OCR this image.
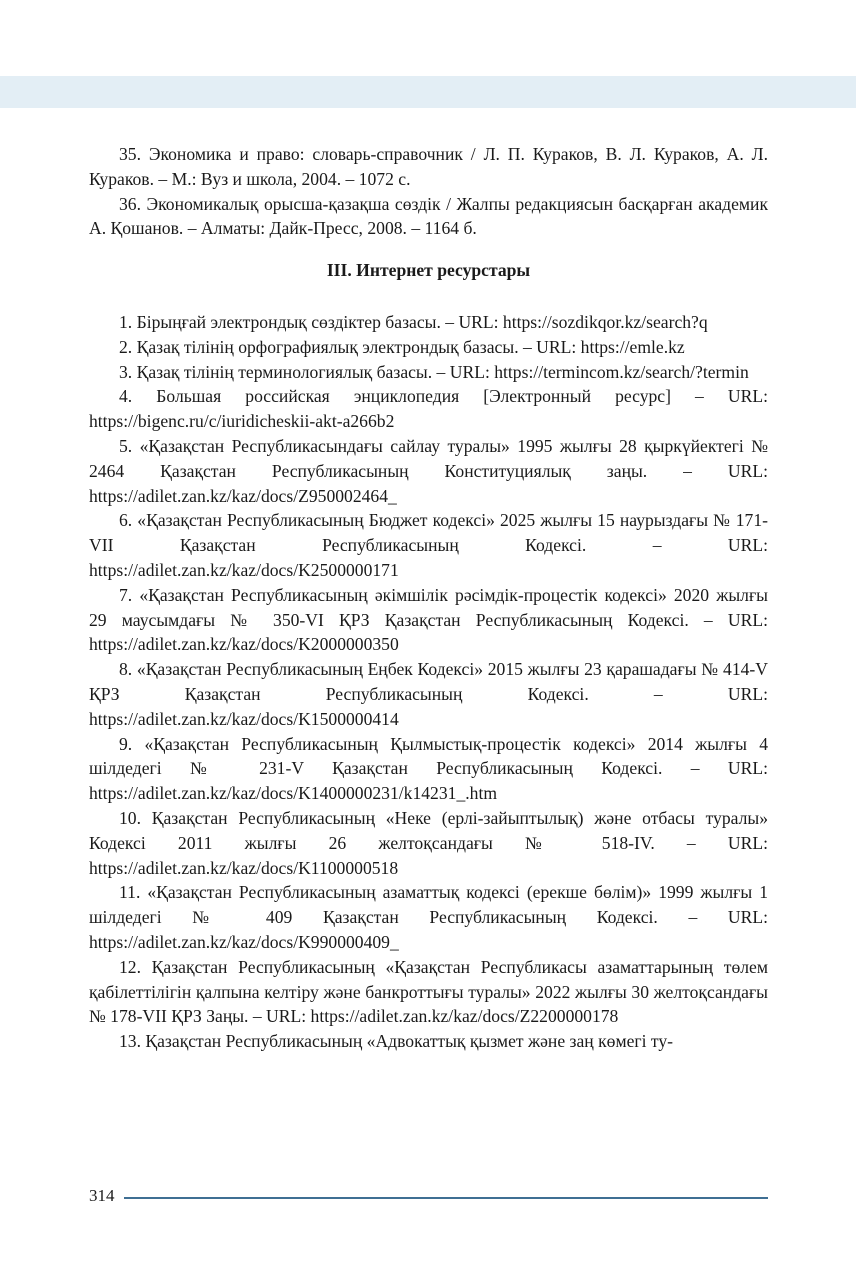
35. Экономика и право: словарь-справочник / Л. П. Кураков, В. Л. Кураков, А. Л. Кураков. – М.: Вуз и школа, 2004. – 1072 с.

36. Экономикалық орысша-қазақша сөздік / Жалпы редакциясын басқарған академик А. Қошанов. – Алматы: Дайк-Пресс, 2008. – 1164 б.

III. Интернет ресурстары

1. Бірыңғай электрондық сөздіктер базасы. – URL: https://sozdikqor.kz/search?q

2. Қазақ тілінің орфографиялық электрондық базасы. – URL: https://emle.kz

3. Қазақ тілінің терминологиялық базасы. – URL: https://termincom.kz/search/?termin

4. Большая российская энциклопедия [Электронный ресурс] – URL: https://bigenc.ru/c/iuridicheskii-akt-a266b2

5. «Қазақстан Республикасындағы сайлау туралы» 1995 жылғы 28 қыркүйектегі № 2464 Қазақстан Республикасының Конституциялық заңы. – URL: https://adilet.zan.kz/kaz/docs/Z950002464_

6. «Қазақстан Республикасының Бюджет кодексі» 2025 жылғы 15 наурыздағы № 171-VII Қазақстан Республикасының Кодексі. – URL: https://adilet.zan.kz/kaz/docs/K2500000171

7. «Қазақстан Республикасының әкімшілік рәсімдік-процестік кодексі» 2020 жылғы 29 маусымдағы № 350-VI ҚРЗ Қазақстан Республикасының Кодексі. – URL: https://adilet.zan.kz/kaz/docs/K2000000350

8. «Қазақстан Республикасының Еңбек Кодексі» 2015 жылғы 23 қарашадағы № 414-V ҚРЗ Қазақстан Республикасының Кодексі. – URL: https://adilet.zan.kz/kaz/docs/K1500000414

9. «Қазақстан Республикасының Қылмыстық-процестік кодексі» 2014 жылғы 4 шілдедегі № 231-V Қазақстан Республикасының Кодексі. – URL: https://adilet.zan.kz/kaz/docs/K1400000231/k14231_.htm

10. Қазақстан Республикасының «Неке (ерлі-зайыптылық) және отбасы туралы» Кодексі 2011 жылғы 26 желтоқсандағы № 518-IV. – URL: https://adilet.zan.kz/kaz/docs/K1100000518

11. «Қазақстан Республикасының азаматтық кодексі (ерекше бөлім)» 1999 жылғы 1 шілдедегі № 409 Қазақстан Республикасының Кодексі. – URL: https://adilet.zan.kz/kaz/docs/K990000409_

12. Қазақстан Республикасының «Қазақстан Республикасы азаматтарының төлем қабілеттілігін қалпына келтіру және банкроттығы туралы» 2022 жылғы 30 желтоқсандағы № 178-VII ҚРЗ Заңы. – URL: https://adilet.zan.kz/kaz/docs/Z2200000178

13. Қазақстан Республикасының «Адвокаттық қызмет және заң көмегі ту-

314
